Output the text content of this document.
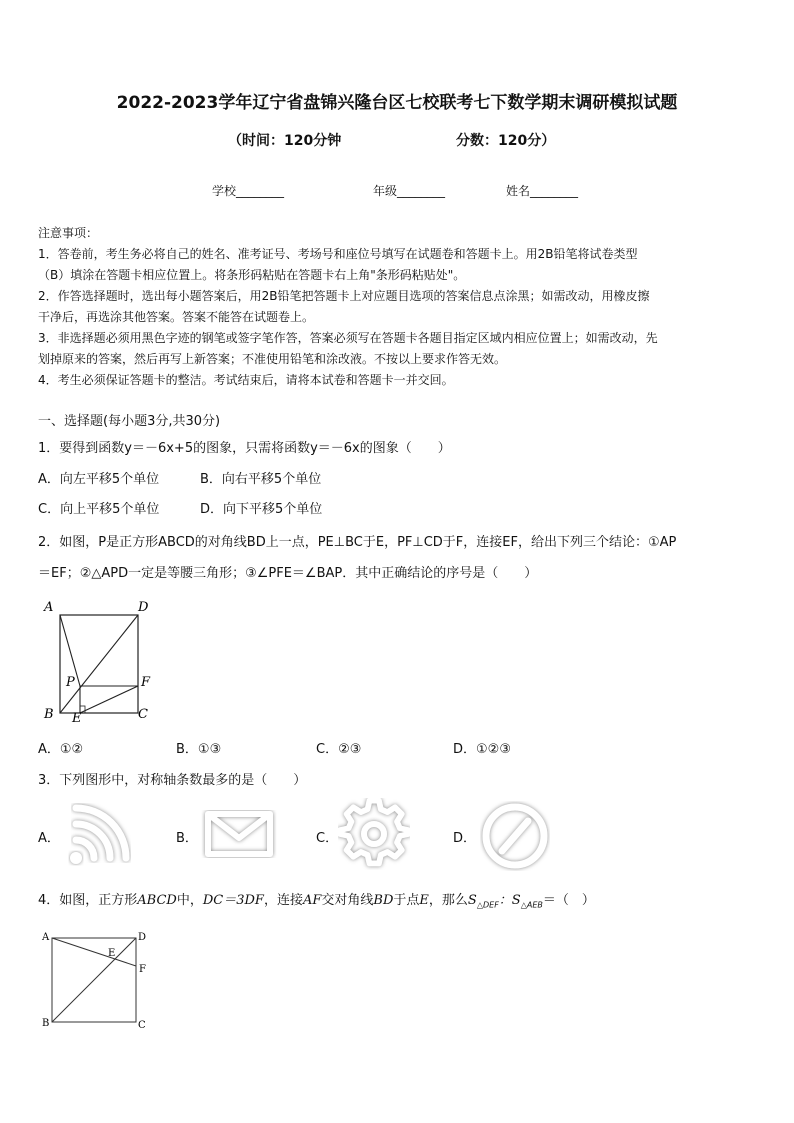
2022-2023学年辽宁省盘锦兴隆台区七校联考七下数学期末调研模拟试题
（时间：120分钟	分数：120分）
学校________	年级________	姓名________
注意事项：
1．答卷前，考生务必将自己的姓名、准考证号、考场号和座位号填写在试题卷和答题卡上。用2B铅笔将试卷类型
（B）填涂在答题卡相应位置上。将条形码粘贴在答题卡右上角"条形码粘贴处"。
2．作答选择题时，选出每小题答案后，用2B铅笔把答题卡上对应题目选项的答案信息点涂黑；如需改动，用橡皮擦
干净后，再选涂其他答案。答案不能答在试题卷上。
3．非选择题必须用黑色字迹的钢笔或签字笔作答，答案必须写在答题卡各题目指定区域内相应位置上；如需改动，先
划掉原来的答案，然后再写上新答案；不准使用铅笔和涂改液。不按以上要求作答无效。
4．考生必须保证答题卡的整洁。考试结束后，请将本试卷和答题卡一并交回。
一、选择题(每小题3分,共30分)
1．要得到函数y＝－6x+5的图象，只需将函数y＝－6x的图象（　　）
A．向左平移5个单位	B．向右平移5个单位
C．向上平移5个单位	D．向下平移5个单位
2．如图，P是正方形ABCD的对角线BD上一点，PE⊥BC于E，PF⊥CD于F，连接EF，给出下列三个结论：①AP
＝EF；②△APD一定是等腰三角形；③∠PFE＝∠BAP．其中正确结论的序号是（　　）
A	D
P	F
B E	C
A．①②	B．①③	C．②③	D．①②③
3．下列图形中，对称轴条数最多的是（　　）
A．	B．	C．	D．
4．如图，正方形ABCD中，DC＝3DF，连接AF交对角线BD于点E，那么$S_{\triangle DEF}$：$S_{\triangle AEB}=$（　）
A	D
E
F
B	C
